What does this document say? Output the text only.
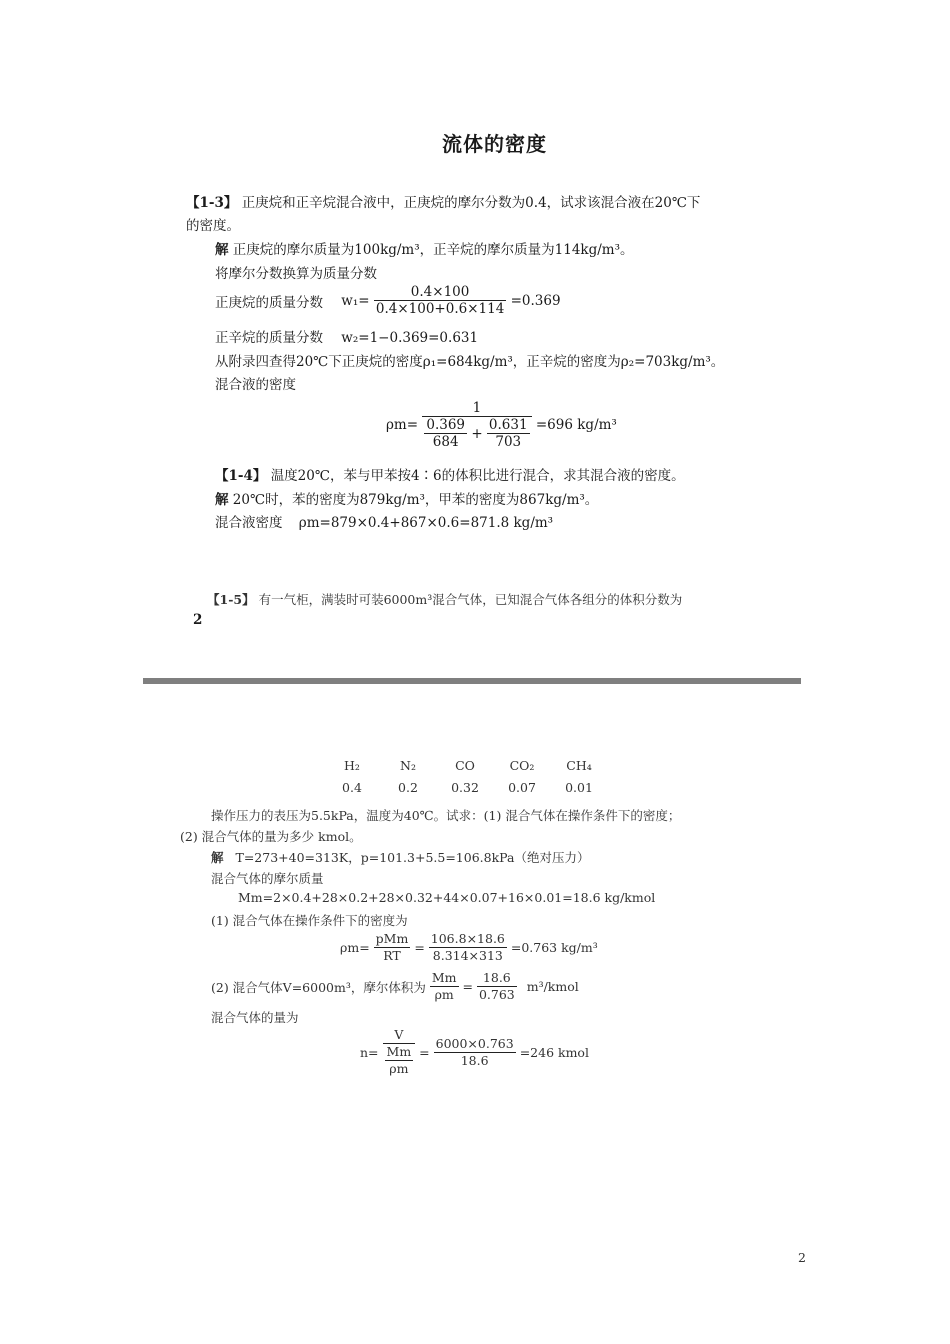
流体的密度
【1-3】 正庚烷和正辛烷混合液中，正庚烷的摩尔分数为0.4，试求该混合液在20℃下
的密度。
解 正庚烷的摩尔质量为100kg/m³，正辛烷的摩尔质量为114kg/m³。
将摩尔分数换算为质量分数
正庚烷的质量分数 $w_1= \frac{0.4\times 100}{0.4\times 100+0.6\times 114} =0.369$
正辛烷的质量分数 w₂=1−0.369=0.631
从附录四查得20℃下正庚烷的密度ρ₁=684kg/m³，正辛烷的密度为ρ₂=703kg/m³。
混合液的密度
ρm=
1
$\frac{0.369}{684} + \frac{0.631}{703} =696$ kg/m³
【1-4】 温度20℃，苯与甲苯按4∶6的体积比进行混合，求其混合液的密度。
解 20℃时，苯的密度为879kg/m³，甲苯的密度为867kg/m³。
混合液密度 ρm=879×0.4+867×0.6=871.8 kg/m³
【1-5】 有一气柜，满装时可装6000m³混合气体，已知混合气体各组分的体积分数为
2
H₂	N₂	CO	CO₂	CH₄
0.4	0.2	0.32	0.07	0.01
操作压力的表压为5.5kPa，温度为40℃。试求：(1) 混合气体在操作条件下的密度；
(2) 混合气体的量为多少 kmol。
解 T=273+40=313K，p=101.3+5.5=106.8kPa（绝对压力）
混合气体的摩尔质量
Mm=2×0.4+28×0.2+28×0.32+44×0.07+16×0.01=18.6 kg/kmol
(1) 混合气体在操作条件下的密度为
$\rho m= \frac{\text{pMm}}{RT} = \frac{106.8\times 18.6}{8.314\times 313} =0.763$ kg/m³
(2) 混合气体V=6000m³，摩尔体积为 $\frac{Mm}{\rho m} = \frac{18.6}{0.763}$ m³/kmol
混合气体的量为
$n= \frac{V}{\frac{Mm}{\rho m}} = \frac{6000\times 0.763}{18.6} =246$ kmol
2
